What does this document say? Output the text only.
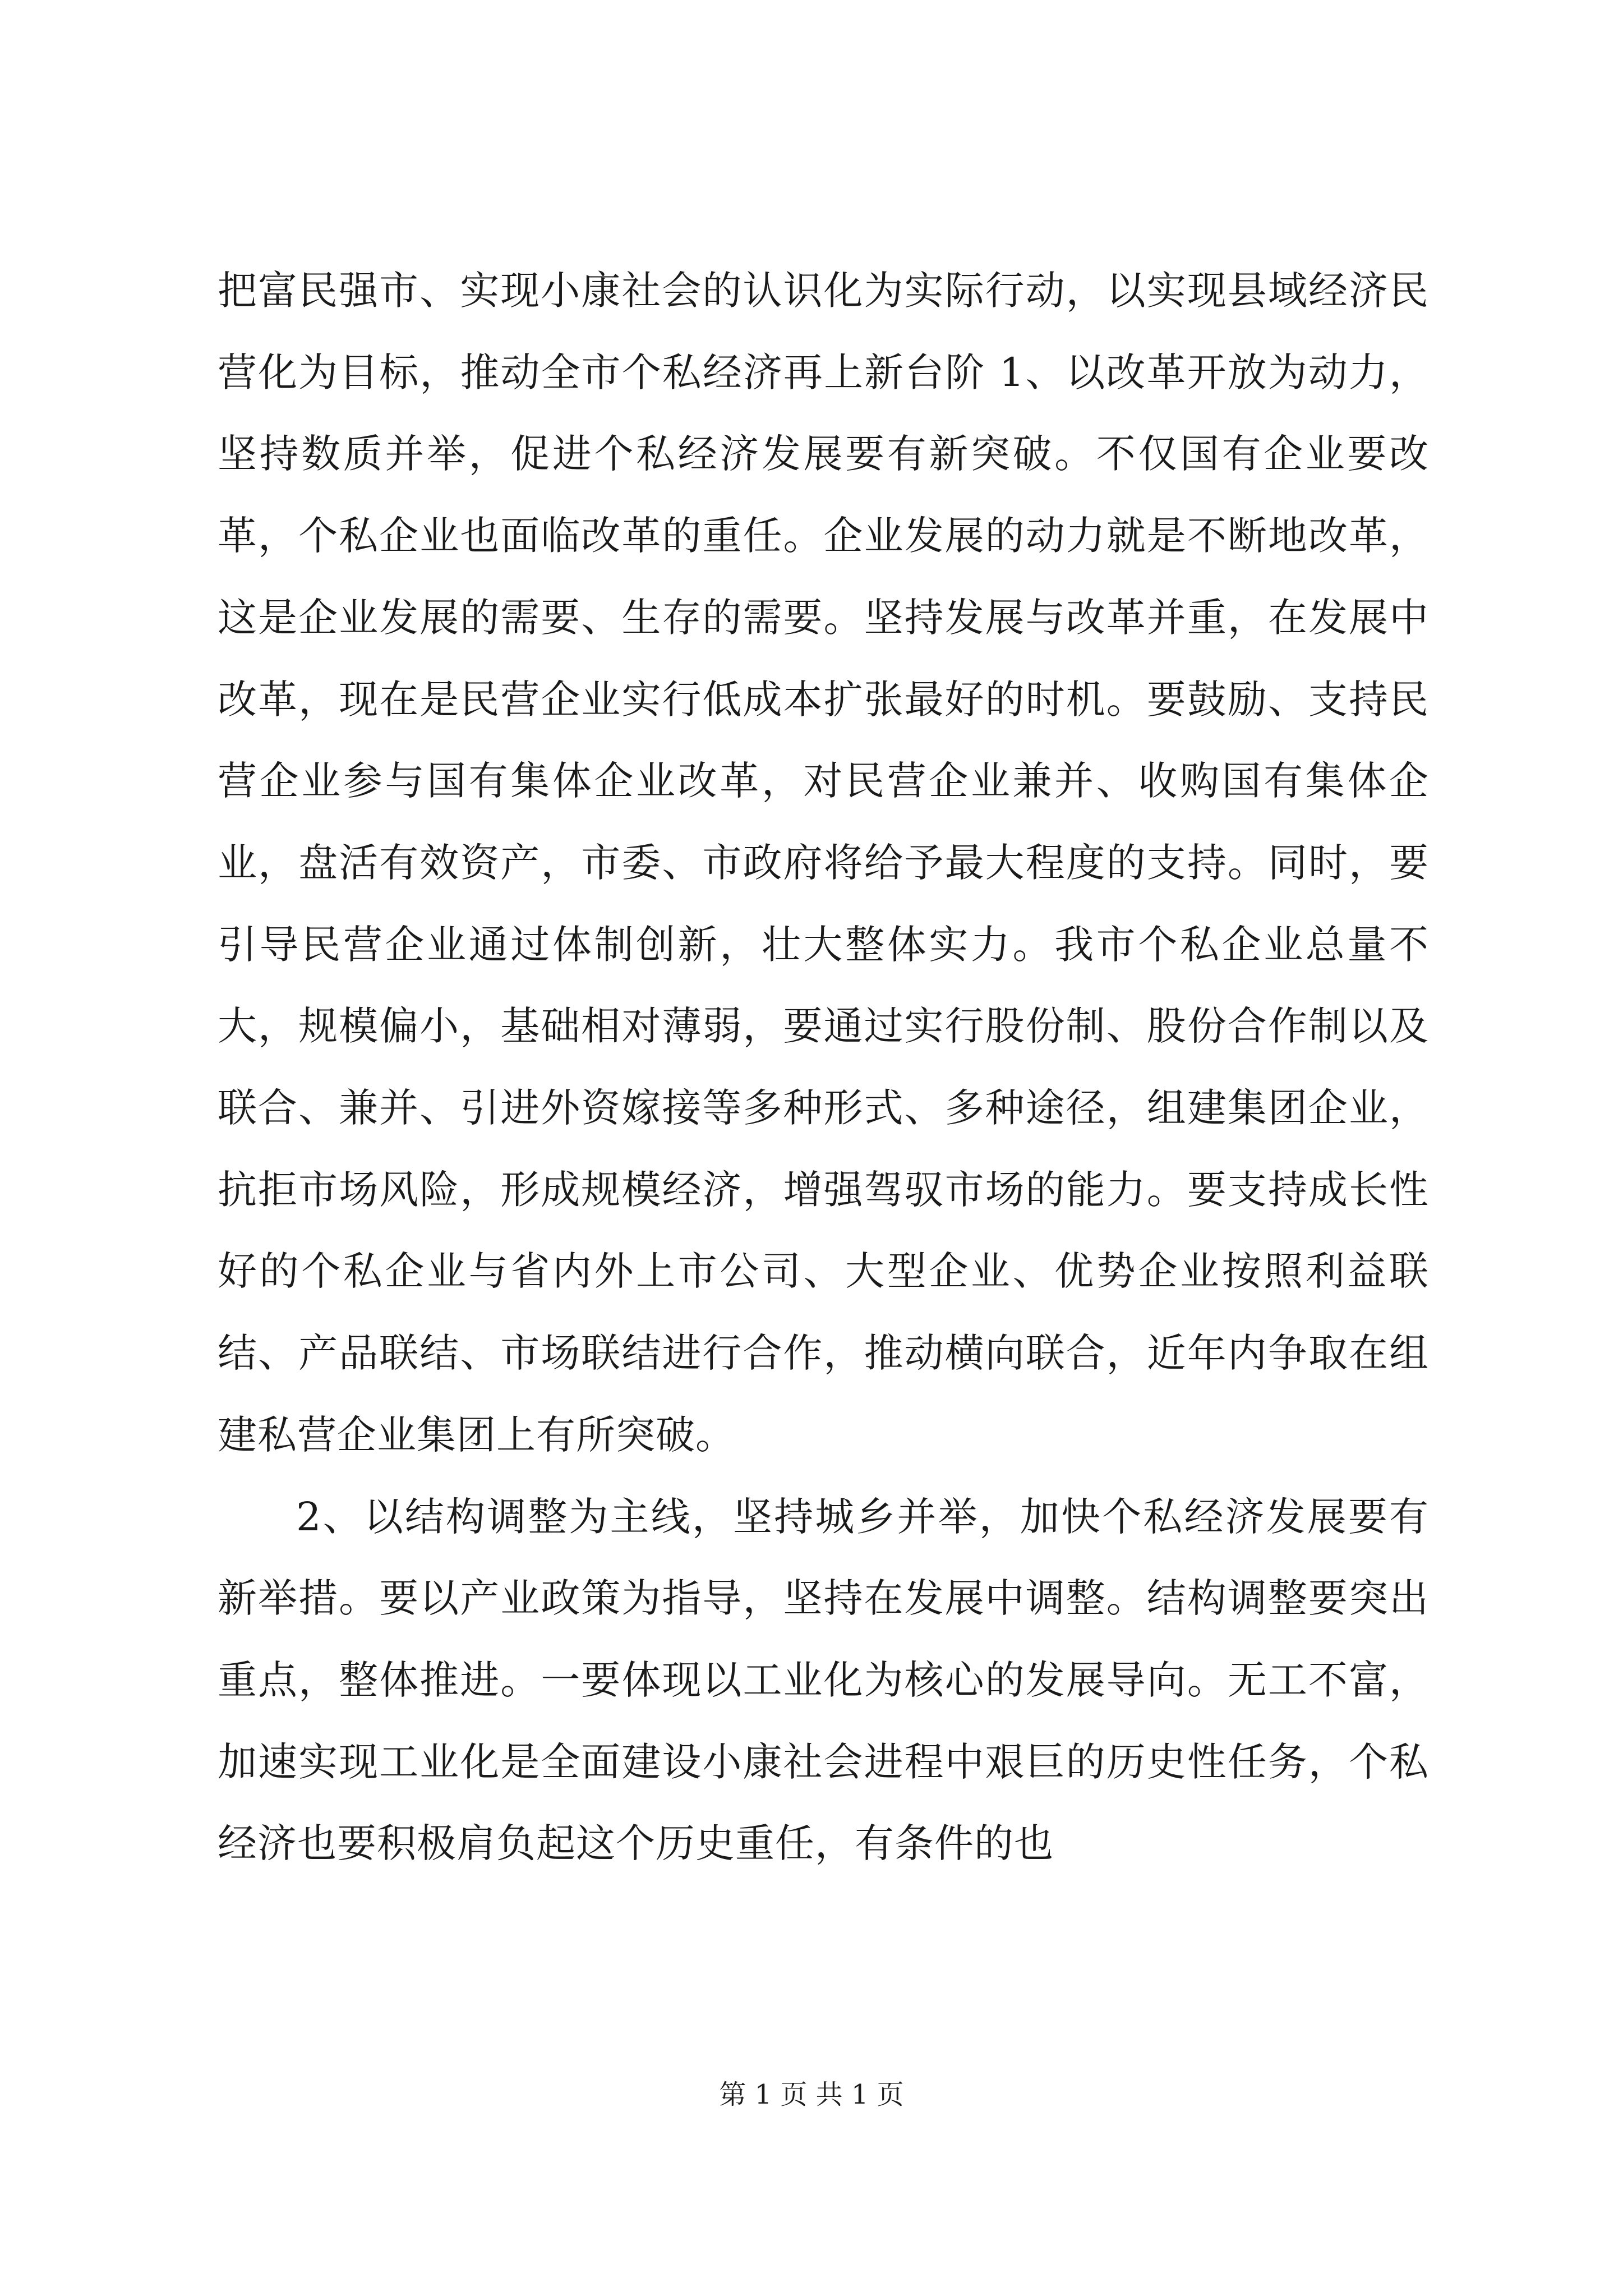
把富民强市、实现小康社会的认识化为实际行动，以实现县域经济民营化为目标，推动全市个私经济再上新台阶 1、以改革开放为动力，坚持数质并举，促进个私经济发展要有新突破。不仅国有企业要改革，个私企业也面临改革的重任。企业发展的动力就是不断地改革，这是企业发展的需要、生存的需要。坚持发展与改革并重，在发展中改革，现在是民营企业实行低成本扩张最好的时机。要鼓励、支持民营企业参与国有集体企业改革，对民营企业兼并、收购国有集体企业，盘活有效资产，市委、市政府将给予最大程度的支持。同时，要引导民营企业通过体制创新，壮大整体实力。我市个私企业总量不大，规模偏小，基础相对薄弱，要通过实行股份制、股份合作制以及联合、兼并、引进外资嫁接等多种形式、多种途径，组建集团企业，抗拒市场风险，形成规模经济，增强驾驭市场的能力。要支持成长性好的个私企业与省内外上市公司、大型企业、优势企业按照利益联结、产品联结、市场联结进行合作，推动横向联合，近年内争取在组建私营企业集团上有所突破。

2、以结构调整为主线，坚持城乡并举，加快个私经济发展要有新举措。要以产业政策为指导，坚持在发展中调整。结构调整要突出重点，整体推进。一要体现以工业化为核心的发展导向。无工不富，加速实现工业化是全面建设小康社会进程中艰巨的历史性任务，个私经济也要积极肩负起这个历史重任，有条件的也

第 1 页 共 1 页
